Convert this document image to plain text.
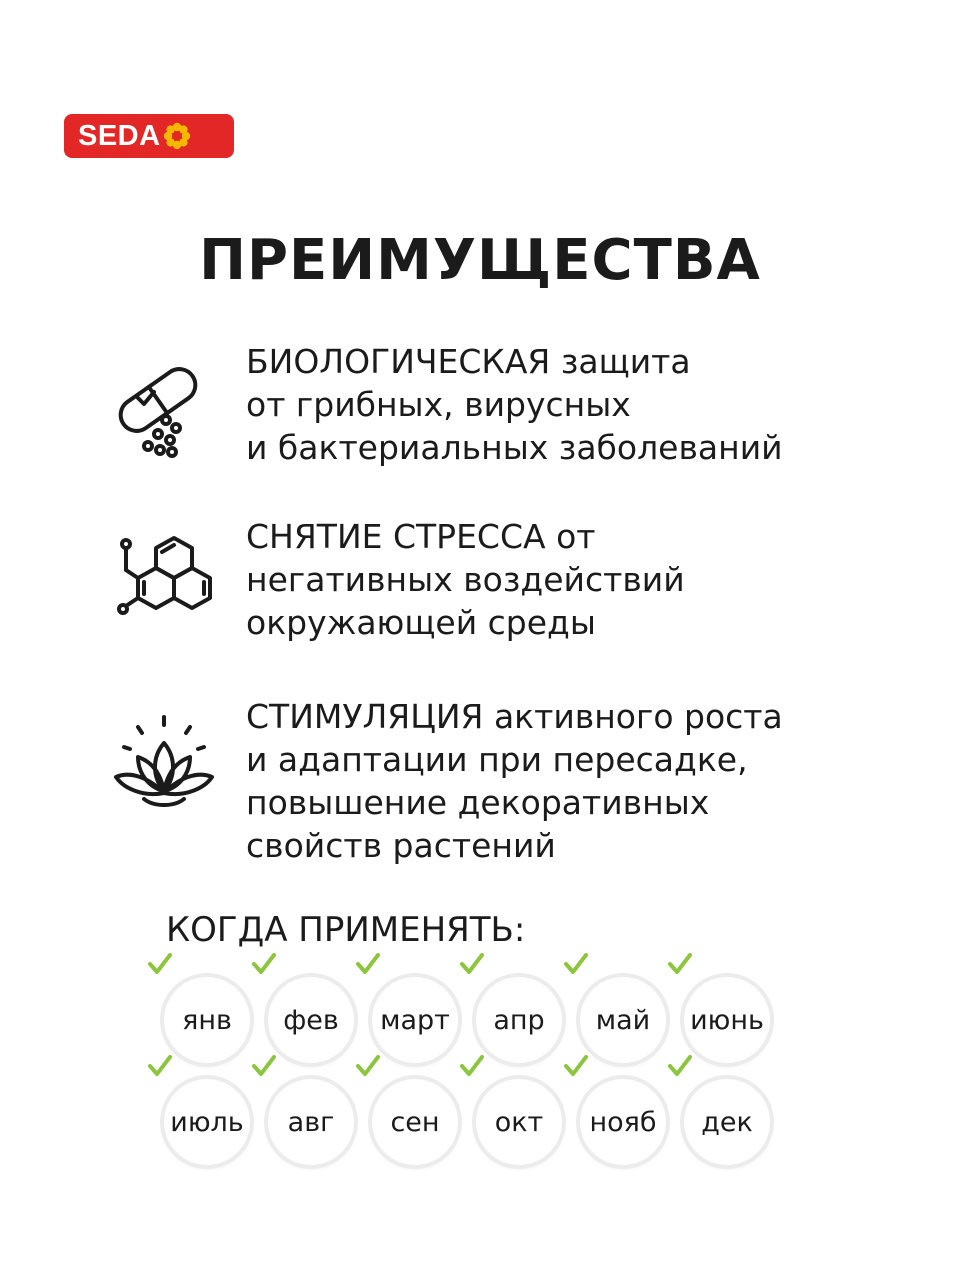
SEDA
ПРЕИМУЩЕСТВА
БИОЛОГИЧЕСКАЯ защита
от грибных, вирусных
и бактериальных заболеваний
СНЯТИЕ СТРЕССА от
негативных воздействий
окружающей среды
СТИМУЛЯЦИЯ активного роста
и адаптации при пересадке,
повышение декоративных
свойств растений
КОГДА ПРИМЕНЯТЬ:
янв фев март апр май июнь
июль авг сен окт нояб дек
